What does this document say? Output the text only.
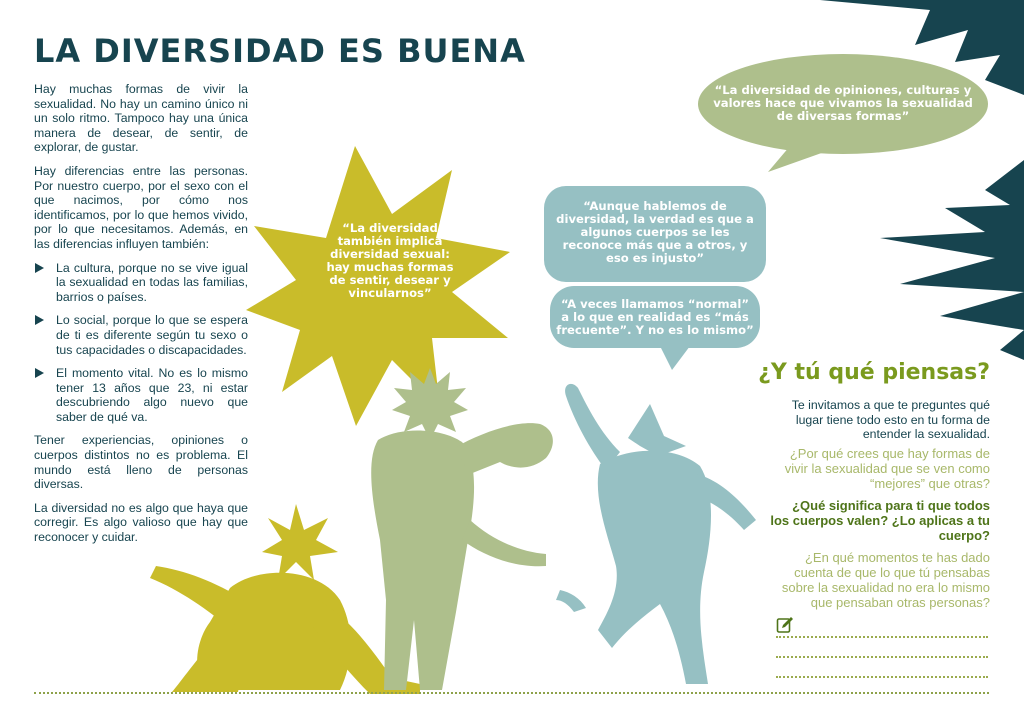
LA DIVERSIDAD ES BUENA

Hay muchas formas de vivir la sexualidad. No hay un camino único ni un solo ritmo. Tampoco hay una única manera de desear, de sentir, de explorar, de gustar.

Hay diferencias entre las personas. Por nuestro cuerpo, por el sexo con el que nacimos, por cómo nos identificamos, por lo que hemos vivido, por lo que necesitamos. Además, en las diferencias influyen también:

La cultura, porque no se vive igual la sexualidad en todas las familias, barrios o países.
Lo social, porque lo que se espera de ti es diferente según tu sexo o tus capacidades o discapacidades.
El momento vital. No es lo mismo tener 13 años que 23, ni estar descubriendo algo nuevo que saber de qué va.

Tener experiencias, opiniones o cuerpos distintos no es problema. El mundo está lleno de personas diversas.

La diversidad no es algo que haya que corregir. Es algo valioso que hay que reconocer y cuidar.

“La diversidad de opiniones, culturas y valores hace que vivamos la sexualidad de diversas formas”
“La diversidad también implica diversidad sexual: hay muchas formas de sentir, desear y vincularnos”
“Aunque hablemos de diversidad, la verdad es que a algunos cuerpos se les reconoce más que a otros, y eso es injusto”
“A veces llamamos “normal” a lo que en realidad es “más frecuente”. Y no es lo mismo”
¿Y tú qué piensas?
Te invitamos a que te preguntes qué lugar tiene todo esto en tu forma de entender la sexualidad.
¿Por qué crees que hay formas de vivir la sexualidad que se ven como “mejores” que otras?
¿Qué significa para ti que todos los cuerpos valen? ¿Lo aplicas a tu cuerpo?
¿En qué momentos te has dado cuenta de que lo que tú pensabas sobre la sexualidad no era lo mismo que pensaban otras personas?
